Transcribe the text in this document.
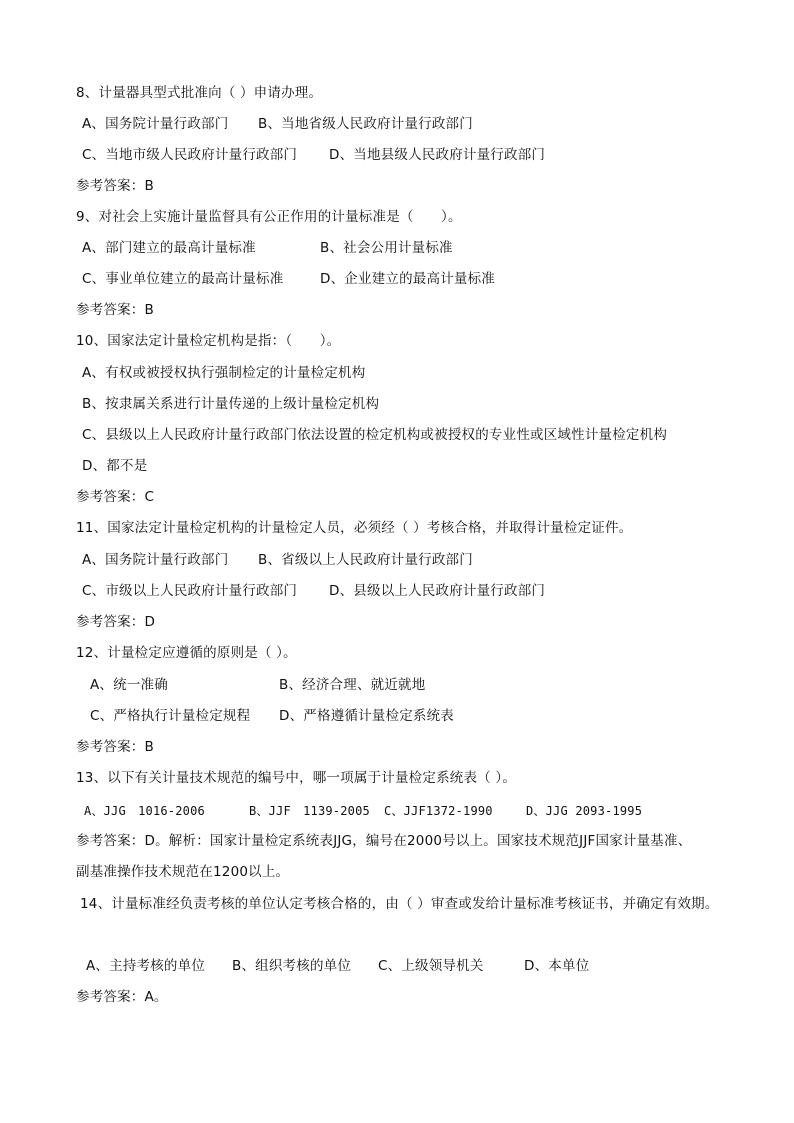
8、计量器具型式批准向（ ）申请办理。
A、国务院计量行政部门 B、当地省级人民政府计量行政部门
C、当地市级人民政府计量行政部门 D、当地县级人民政府计量行政部门
参考答案：B
9、对社会上实施计量监督具有公正作用的计量标准是（　　）。
A、部门建立的最高计量标准	B、社会公用计量标准
C、事业单位建立的最高计量标准	D、企业建立的最高计量标准
参考答案：B
10、国家法定计量检定机构是指：（　　）。
A、有权或被授权执行强制检定的计量检定机构
B、按隶属关系进行计量传递的上级计量检定机构
C、县级以上人民政府计量行政部门依法设置的检定机构或被授权的专业性或区域性计量检定机构
D、都不是
参考答案：C
11、国家法定计量检定机构的计量检定人员，必须经（ ）考核合格，并取得计量检定证件。
A、国务院计量行政部门 B、省级以上人民政府计量行政部门
C、市级以上人民政府计量行政部门 D、县级以上人民政府计量行政部门
参考答案：D
12、计量检定应遵循的原则是（ ）。
A、统一准确	B、经济合理、就近就地
C、严格执行计量检定规程 D、严格遵循计量检定系统表
参考答案：B
13、以下有关计量技术规范的编号中，哪一项属于计量检定系统表（ ）。
A、JJG　1016-2006	B、JJF　1139-2005 C、JJF1372-1990	D、JJG 2093-1995
参考答案：D。解析：国家计量检定系统表JJG，编号在2000号以上。国家技术规范JJF国家计量基准、
副基准操作技术规范在1200以上。
14、计量标准经负责考核的单位认定考核合格的，由（ ）审查或发给计量标准考核证书，并确定有效期。
A、主持考核的单位 B、组织考核的单位 C、上级领导机关	D、本单位
参考答案：A。
